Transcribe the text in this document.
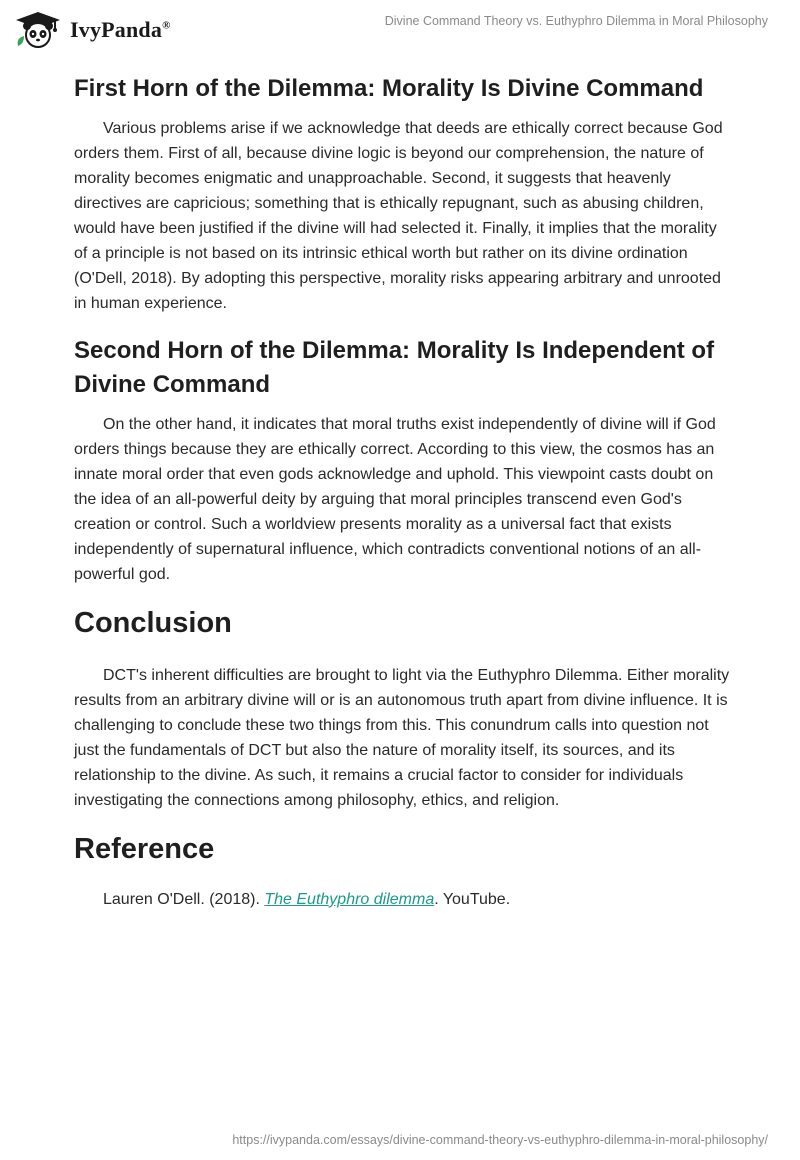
IvyPanda®	Divine Command Theory vs. Euthyphro Dilemma in Moral Philosophy
First Horn of the Dilemma: Morality Is Divine Command

Various problems arise if we acknowledge that deeds are ethically correct because God orders them. First of all, because divine logic is beyond our comprehension, the nature of morality becomes enigmatic and unapproachable. Second, it suggests that heavenly directives are capricious; something that is ethically repugnant, such as abusing children, would have been justified if the divine will had selected it. Finally, it implies that the morality of a principle is not based on its intrinsic ethical worth but rather on its divine ordination (O'Dell, 2018). By adopting this perspective, morality risks appearing arbitrary and unrooted in human experience.

Second Horn of the Dilemma: Morality Is Independent of Divine Command

On the other hand, it indicates that moral truths exist independently of divine will if God orders things because they are ethically correct. According to this view, the cosmos has an innate moral order that even gods acknowledge and uphold. This viewpoint casts doubt on the idea of an all-powerful deity by arguing that moral principles transcend even God's creation or control. Such a worldview presents morality as a universal fact that exists independently of supernatural influence, which contradicts conventional notions of an all-powerful god.

Conclusion

DCT's inherent difficulties are brought to light via the Euthyphro Dilemma. Either morality results from an arbitrary divine will or is an autonomous truth apart from divine influence. It is challenging to conclude these two things from this. This conundrum calls into question not just the fundamentals of DCT but also the nature of morality itself, its sources, and its relationship to the divine. As such, it remains a crucial factor to consider for individuals investigating the connections among philosophy, ethics, and religion.

Reference

Lauren O'Dell. (2018). The Euthyphro dilemma. YouTube.

https://ivypanda.com/essays/divine-command-theory-vs-euthyphro-dilemma-in-moral-philosophy/
